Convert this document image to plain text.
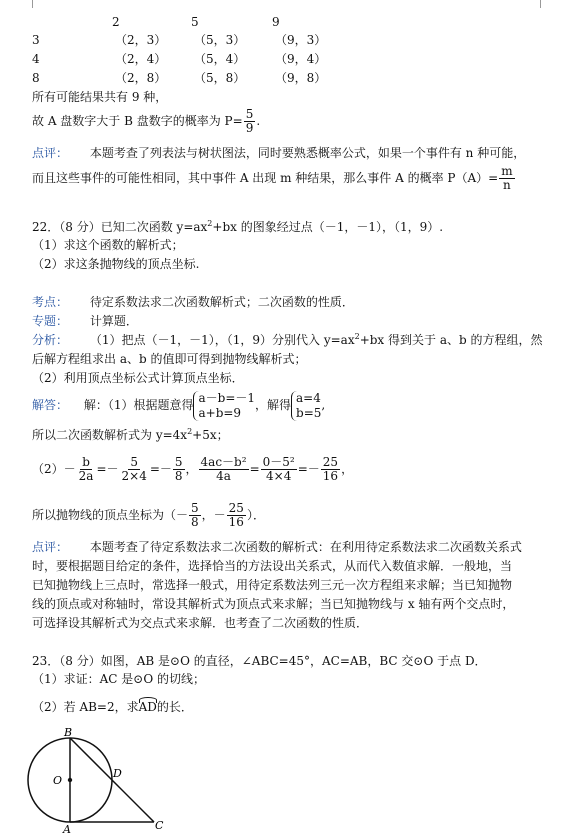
2	5	9
3	（2，3） （5，3） （9，3）
4	（2，4） （5，4） （9，4）
8	（2，8） （5，8） （9，8）
所有可能结果共有 9 种，
故 A 盘数字大于 B 盘数字的概率为 $P= \frac{5}{9}$ .
点评： 本题考查了列表法与树状图法，同时要熟悉概率公式，如果一个事件有 n 种可能，
而且这些事件的可能性相同，其中事件 A 出现 m 种结果，那么事件 A 的概率 $P(A)= \frac{m}{n}$
22．（8 分）已知二次函数 $y=ax^2+bx$ 的图象经过点（－1，－1），（1，9）.
（1）求这个函数的解析式；
（2）求这条抛物线的顶点坐标.
考点： 待定系数法求二次函数解析式；二次函数的性质．
专题： 计算题．
分析： （1）把点（－1，－1），（1，9）分别代入 $y=ax^2+bx$ 得到关于 a、b 的方程组，然
后解方程组求出 a、b 的值即可得到抛物线解析式；
（2）利用顶点坐标公式计算顶点坐标．
解答： 解：（1）根据题意得
a－b=－1
a+b=9
，解得
a=4
b=5
,
所以二次函数解析式为 $y=4x^2+5x$；
$(2)- \frac{b}{2a} =- \frac{5}{2\times 4} =- \frac{5}{8}$ ， $\frac{\text{4ac－b²}}{4a} = \frac{\text{0－5²}}{4\times 4} =- \frac{25}{16}$ ，
所以抛物线的顶点坐标为（－ $\frac{5}{8}$ ，－ $\frac{25}{16}$ ）．
点评： 本题考查了待定系数法求二次函数的解析式：在利用待定系数法求二次函数关系式
时，要根据题目给定的条件，选择恰当的方法设出关系式，从而代入数值求解．一般地，当
已知抛物线上三点时，常选择一般式，用待定系数法列三元一次方程组来求解；当已知抛物
线的顶点或对称轴时，常设其解析式为顶点式来求解；当已知抛物线与 x 轴有两个交点时，
可选择设其解析式为交点式来求解．也考查了二次函数的性质．
23．（8 分）如图，AB 是⊙O 的直径，∠ABC=45°，AC=AB，BC 交⊙O 于点 D．
（1）求证：AC 是⊙O 的切线；
（2）若 AB=2，求AD的长．
B
O
D
A	C
